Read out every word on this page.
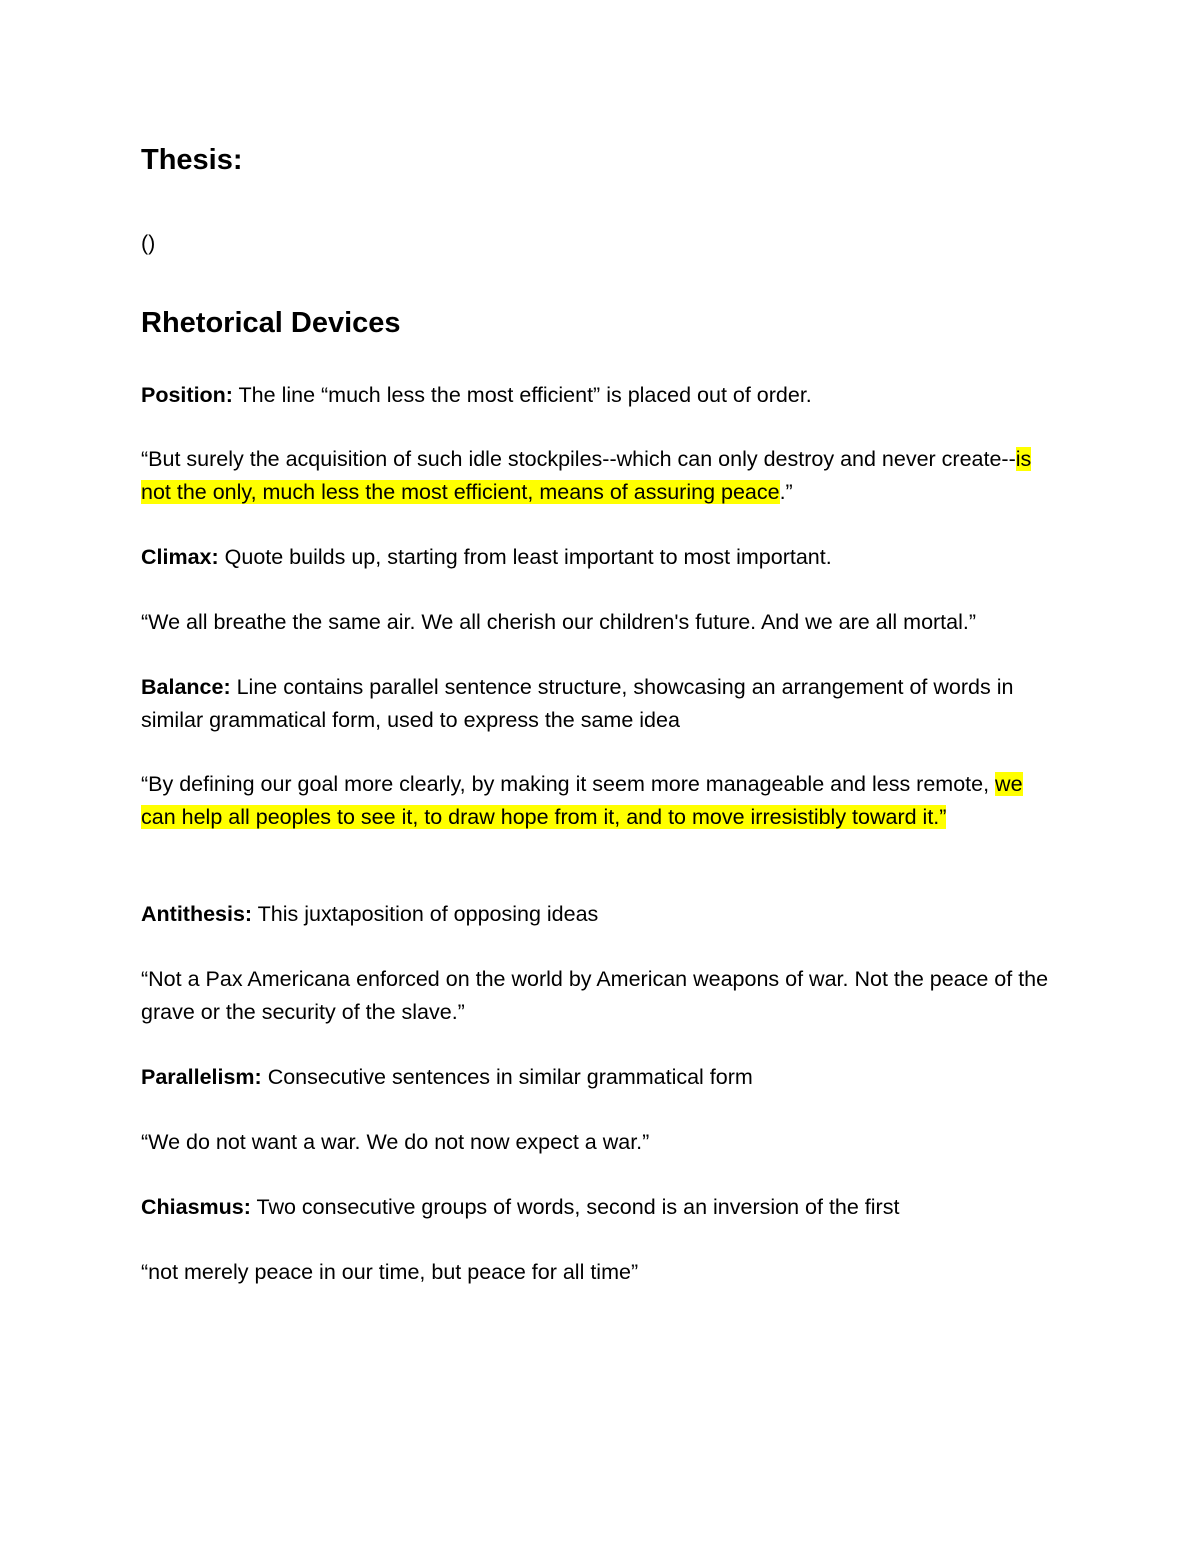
Thesis:

()

Rhetorical Devices

Position: The line “much less the most efficient” is placed out of order.

“But surely the acquisition of such idle stockpiles--which can only destroy and never create--is not the only, much less the most efficient, means of assuring peace.”

Climax: Quote builds up, starting from least important to most important.

“We all breathe the same air. We all cherish our children's future. And we are all mortal.”

Balance: Line contains parallel sentence structure, showcasing an arrangement of words in similar grammatical form, used to express the same idea

“By defining our goal more clearly, by making it seem more manageable and less remote, we can help all peoples to see it, to draw hope from it, and to move irresistibly toward it.”

Antithesis: This juxtaposition of opposing ideas

“Not a Pax Americana enforced on the world by American weapons of war. Not the peace of the grave or the security of the slave.”

Parallelism: Consecutive sentences in similar grammatical form

“We do not want a war. We do not now expect a war.”

Chiasmus: Two consecutive groups of words, second is an inversion of the first

“not merely peace in our time, but peace for all time”
